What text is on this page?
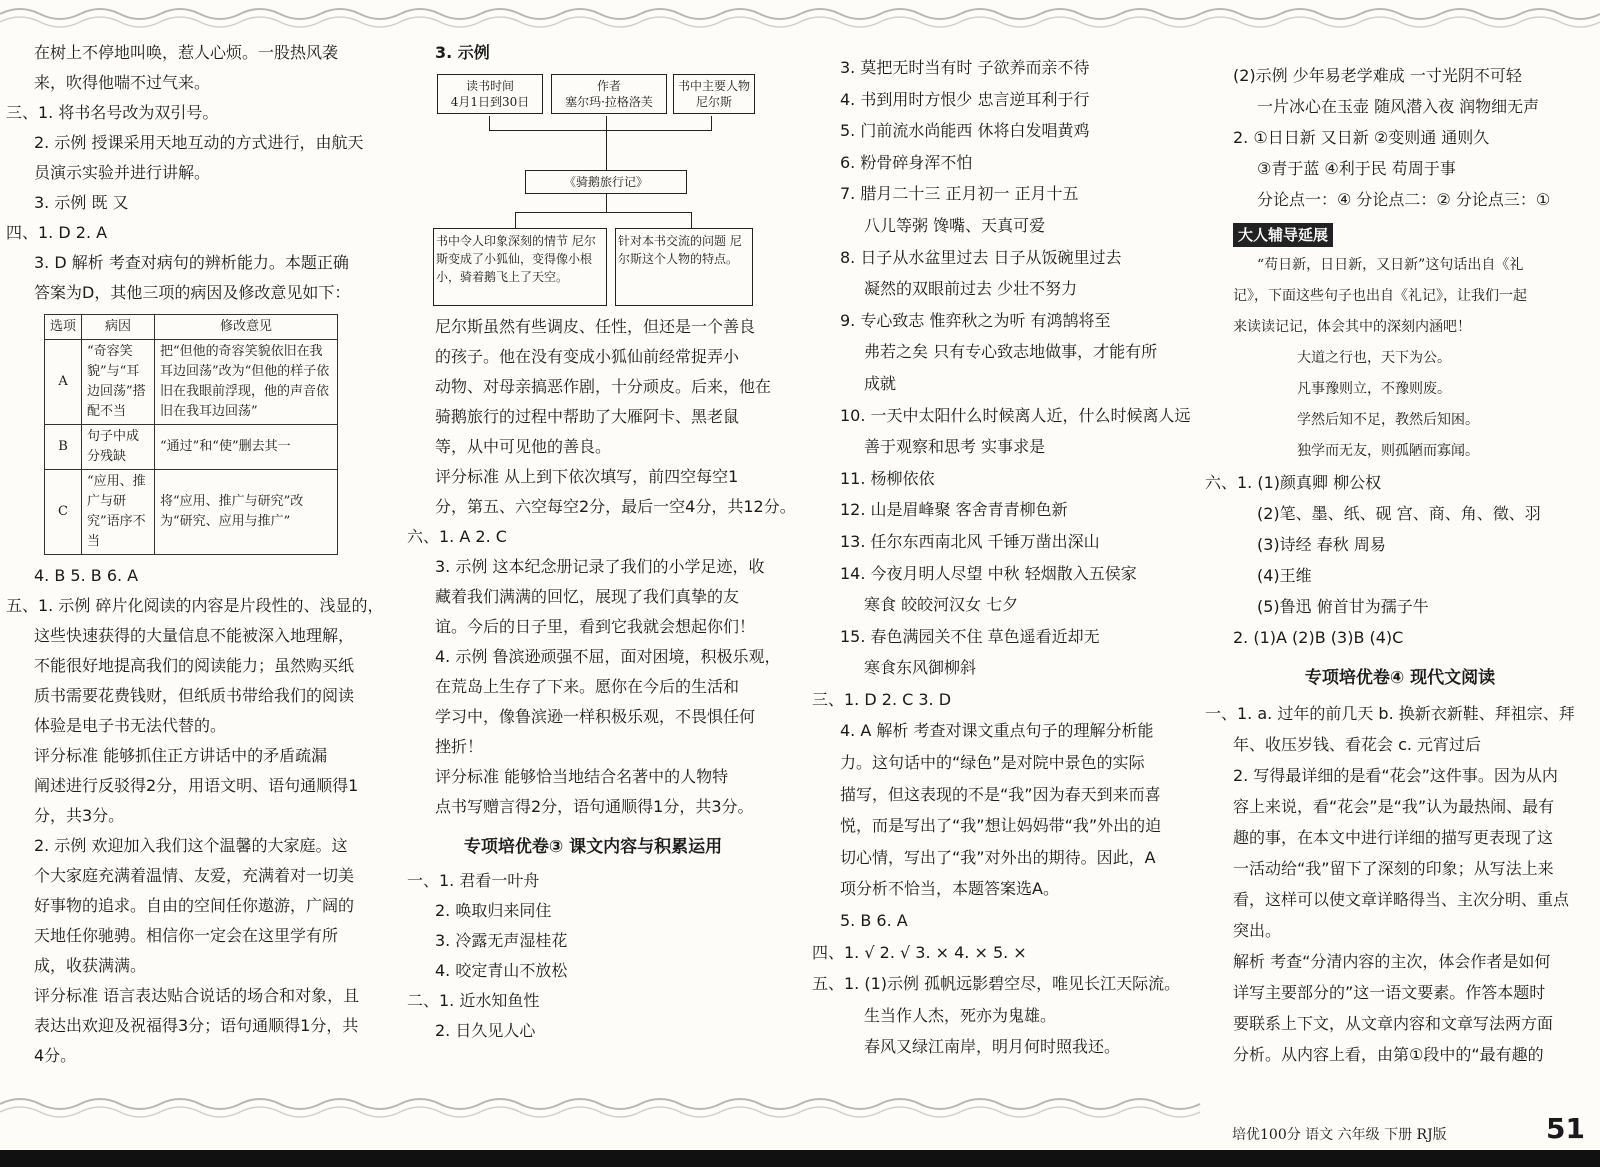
在树上不停地叫唤，惹人心烦。一股热风袭

来，吹得他喘不过气来。

三、1. 将书名号改为双引号。

2. 示例 授课采用天地互动的方式进行，由航天

员演示实验并进行讲解。

3. 示例 既 又

四、1. D 2. A

3. D 解析 考查对病句的辨析能力。本题正确

答案为D，其他三项的病因及修改意见如下：

选项	病因	修改意见
A	“奇容笑貌”与“耳边回荡”搭配不当	把“但他的奇容笑貌依旧在我耳边回荡”改为“但他的样子依旧在我眼前浮现，他的声音依旧在我耳边回荡”
B	句子中成分残缺	“通过”和“使”删去其一
C	“应用、推广与研究”语序不当	将“应用、推广与研究”改为“研究、应用与推广”

4. B 5. B 6. A

五、1. 示例 碎片化阅读的内容是片段性的、浅显的，

这些快速获得的大量信息不能被深入地理解，

不能很好地提高我们的阅读能力；虽然购买纸

质书需要花费钱财，但纸质书带给我们的阅读

体验是电子书无法代替的。

评分标准 能够抓住正方讲话中的矛盾疏漏

阐述进行反驳得2分，用语文明、语句通顺得1

分，共3分。

2. 示例 欢迎加入我们这个温馨的大家庭。这

个大家庭充满着温情、友爱，充满着对一切美

好事物的追求。自由的空间任你遨游，广阔的

天地任你驰骋。相信你一定会在这里学有所

成，收获满满。

评分标准 语言表达贴合说话的场合和对象，且

表达出欢迎及祝福得3分；语句通顺得1分，共

4分。

3. 示例

读书时间
4月1日到30日
作者
塞尔玛·拉格洛芙
书中主要人物
尼尔斯
《骑鹅旅行记》
书中令人印象深刻的情节 尼尔斯变成了小狐仙，变得像小根小，骑着鹅飞上了天空。
针对本书交流的问题 尼尔斯这个人物的特点。

尼尔斯虽然有些调皮、任性，但还是一个善良

的孩子。他在没有变成小狐仙前经常捉弄小

动物、对母亲搞恶作剧，十分顽皮。后来，他在

骑鹅旅行的过程中帮助了大雁阿卡、黑老鼠

等，从中可见他的善良。

评分标准 从上到下依次填写，前四空每空1

分，第五、六空每空2分，最后一空4分，共12分。

六、1. A 2. C

3. 示例 这本纪念册记录了我们的小学足迹，收

藏着我们满满的回忆，展现了我们真挚的友

谊。今后的日子里，看到它我就会想起你们！

4. 示例 鲁滨逊顽强不屈，面对困境，积极乐观，

在荒岛上生存了下来。愿你在今后的生活和

学习中，像鲁滨逊一样积极乐观，不畏惧任何

挫折！

评分标准 能够恰当地结合名著中的人物特

点书写赠言得2分，语句通顺得1分，共3分。

专项培优卷③ 课文内容与积累运用

一、1. 君看一叶舟

2. 唤取归来同住

3. 冷露无声湿桂花

4. 咬定青山不放松

二、1. 近水知鱼性

2. 日久见人心

3. 莫把无时当有时 子欲养而亲不待

4. 书到用时方恨少 忠言逆耳利于行

5. 门前流水尚能西 休将白发唱黄鸡

6. 粉骨碎身浑不怕

7. 腊月二十三 正月初一 正月十五

八儿等粥 馋嘴、天真可爱

8. 日子从水盆里过去 日子从饭碗里过去

凝然的双眼前过去 少壮不努力

9. 专心致志 惟弈秋之为听 有鸿鹄将至

弗若之矣 只有专心致志地做事，才能有所

成就

10. 一天中太阳什么时候离人近，什么时候离人远

善于观察和思考 实事求是

11. 杨柳依依

12. 山是眉峰聚 客舍青青柳色新

13. 任尔东西南北风 千锤万凿出深山

14. 今夜月明人尽望 中秋 轻烟散入五侯家

寒食 皎皎河汉女 七夕

15. 春色满园关不住 草色遥看近却无

寒食东风御柳斜

三、1. D 2. C 3. D

4. A 解析 考查对课文重点句子的理解分析能

力。这句话中的“绿色”是对院中景色的实际

描写，但这表现的不是“我”因为春天到来而喜

悦，而是写出了“我”想让妈妈带“我”外出的迫

切心情，写出了“我”对外出的期待。因此，A

项分析不恰当，本题答案选A。

5. B 6. A

四、1. √ 2. √ 3. × 4. × 5. ×

五、1. (1)示例 孤帆远影碧空尽，唯见长江天际流。

生当作人杰，死亦为鬼雄。

春风又绿江南岸，明月何时照我还。

(2)示例 少年易老学难成 一寸光阴不可轻

一片冰心在玉壶 随风潜入夜 润物细无声

2. ①日日新 又日新 ②变则通 通则久

③青于蓝 ④利于民 苟周于事

分论点一：④ 分论点二：② 分论点三：①

大人辅导延展

“苟日新，日日新，又日新”这句话出自《礼

记》，下面这些句子也出自《礼记》，让我们一起

来读读记记，体会其中的深刻内涵吧！

大道之行也，天下为公。

凡事豫则立，不豫则废。

学然后知不足，教然后知困。

独学而无友，则孤陋而寡闻。

六、1. (1)颜真卿 柳公权

(2)笔、墨、纸、砚 宫、商、角、徵、羽

(3)诗经 春秋 周易

(4)王维

(5)鲁迅 俯首甘为孺子牛

2. (1)A (2)B (3)B (4)C

专项培优卷④ 现代文阅读

一、1. a. 过年的前几天 b. 换新衣新鞋、拜祖宗、拜

年、收压岁钱、看花会 c. 元宵过后

2. 写得最详细的是看“花会”这件事。因为从内

容上来说，看“花会”是“我”认为最热闹、最有

趣的事，在本文中进行详细的描写更表现了这

一活动给“我”留下了深刻的印象；从写法上来

看，这样可以使文章详略得当、主次分明、重点

突出。

解析 考查“分清内容的主次，体会作者是如何

详写主要部分的”这一语文要素。作答本题时

要联系上下文，从文章内容和文章写法两方面

分析。从内容上看，由第①段中的“最有趣的

培优100分 语文 六年级 下册 RJ版	51
